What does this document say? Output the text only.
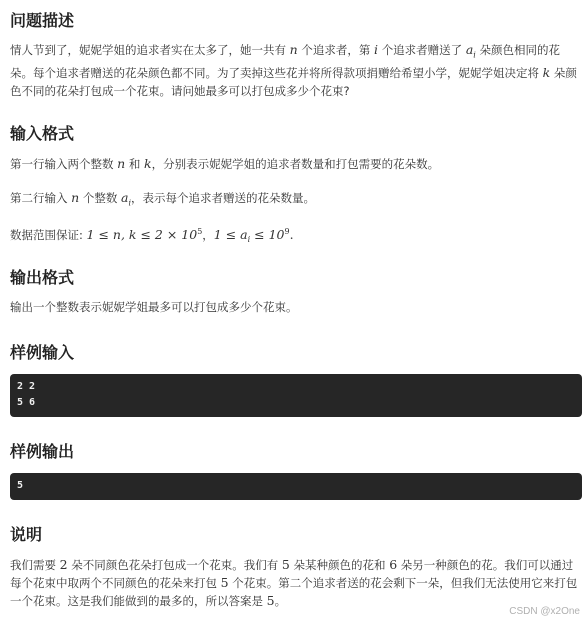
问题描述
情人节到了，妮妮学姐的追求者实在太多了，她一共有 n 个追求者，第 i 个追求者赠送了 $a_i$ 朵颜色相同的花朵。每个追求者赠送的花朵颜色都不同。为了卖掉这些花并将所得款项捐赠给希望小学，妮妮学姐决定将 k 朵颜色不同的花朵打包成一个花束。请问她最多可以打包成多少个花束?
输入格式
第一行输入两个整数 n 和 k，分别表示妮妮学姐的追求者数量和打包需要的花朵数。
第二行输入 n 个整数 $a_i$，表示每个追求者赠送的花朵数量。
数据范围保证: 1 ≤ n, $k \le 2 \times 10^5$，$1 \le a_i \le 10^9$.
输出格式
输出一个整数表示妮妮学姐最多可以打包成多少个花束。
样例输入
2 2
5 6
样例输出
5
说明
我们需要 2 朵不同颜色花朵打包成一个花束。我们有 5 朵某种颜色的花和 6 朵另一种颜色的花。我们可以通过每个花束中取两个不同颜色的花朵来打包 5 个花束。第二个追求者送的花会剩下一朵，但我们无法使用它来打包一个花束。这是我们能做到的最多的，所以答案是 5。
CSDN @x2One
